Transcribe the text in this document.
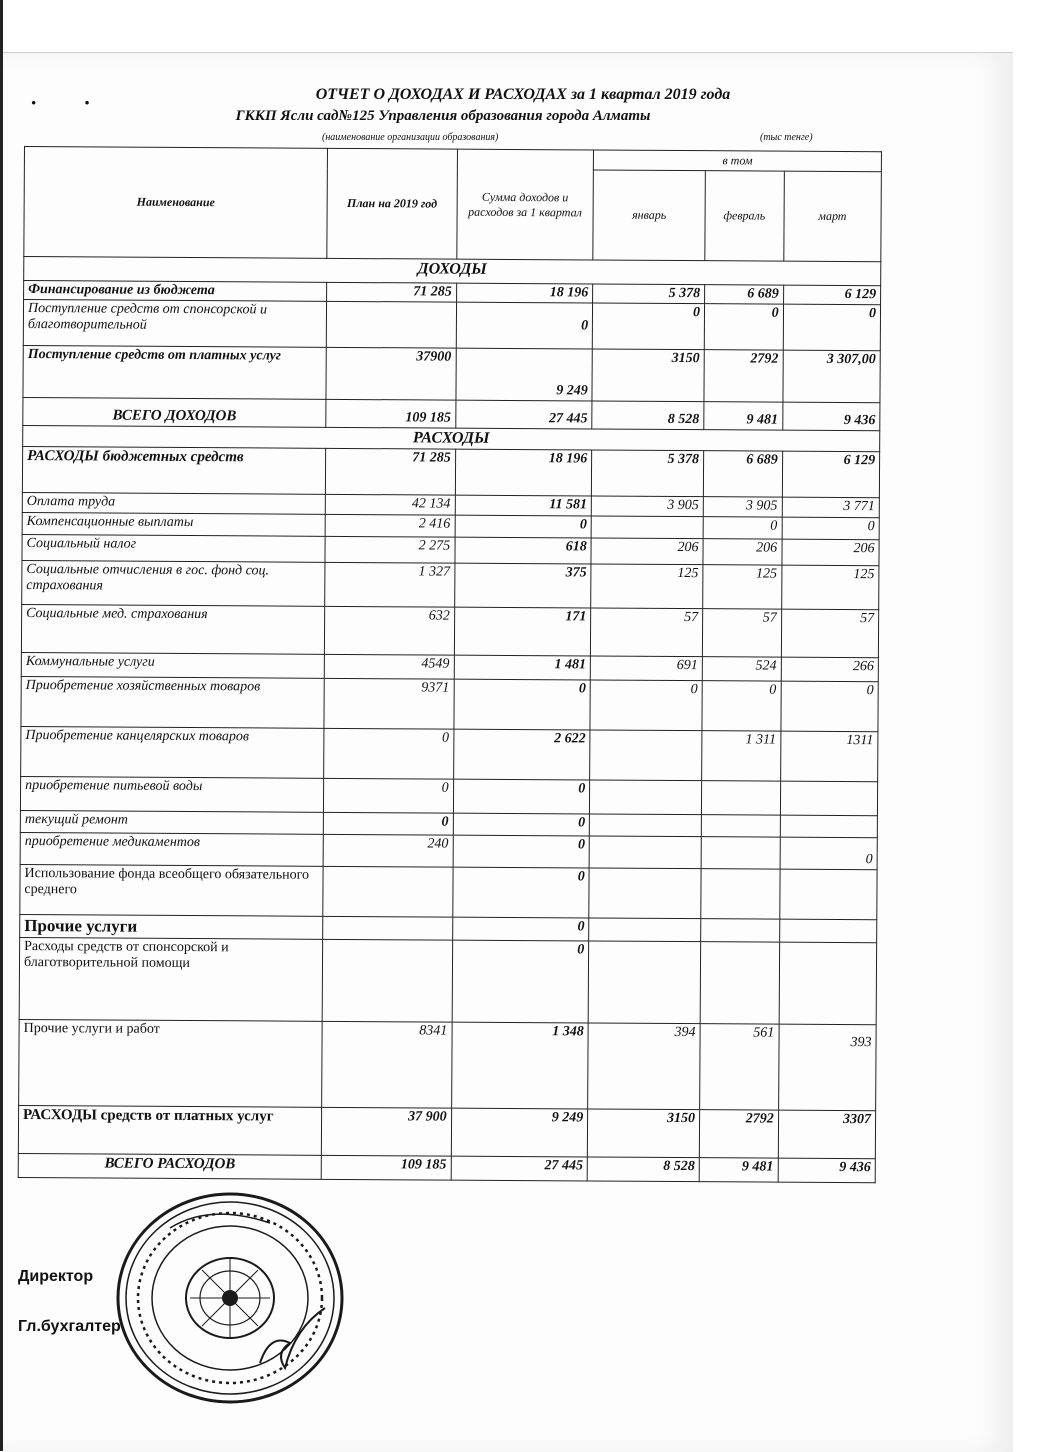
··	ОТЧЕТ О ДОХОДАХ И РАСХОДАХ за 1 квартал 2019 года
ГККП Ясли сад№125 Управления образования города Алматы
(наименование организации образования)	(тыс тенге)
Наименование	План на 2019 год	Сумма доходов и расходов за 1 квартал	в том		
			январь	февраль	март
ДОХОДЫ					
Финансирование из бюджета	71 285	18 196	5 378	6 689	6 129
Поступление средств от спонсорской и благотворительной		0	0	0	0
Поступление средств от платных услуг	37900	9 249	3150	2792	3 307,00
ВСЕГО ДОХОДОВ	109 185	27 445	8 528	9 481	9 436
РАСХОДЫ					
РАСХОДЫ бюджетных средств	71 285	18 196	5 378	6 689	6 129
Оплата труда	42 134	11 581	3 905	3 905	3 771
Компенсационные выплаты	2 416	0		0	0
Социальный налог	2 275	618	206	206	206
Социальные отчисления в гос. фонд соц. страхования	1 327	375	125	125	125
Социальные мед. страхования	632	171	57	57	57
Коммунальные услуги	4549	1 481	691	524	266
Приобретение хозяйственных товаров	9371	0	0	0	0
Приобретение канцелярских товаров	0	2 622		1 311	1311
приобретение питьевой воды	0	0			
текущий ремонт	0	0			
приобретение медикаментов	240	0			0
Использование фонда всеобщего обязательного среднего		0			
Прочие услуги		0			
Расходы средств от спонсорской и благотворительной помощи		0			
Прочие услуги и работ	8341	1 348	394	561	393
РАСХОДЫ средств от платных услуг	37 900	9 249	3150	2792	3307
ВСЕГО РАСХОДОВ	109 185	27 445	8 528	9 481	9 436
Директор
Гл.бухгалтер
